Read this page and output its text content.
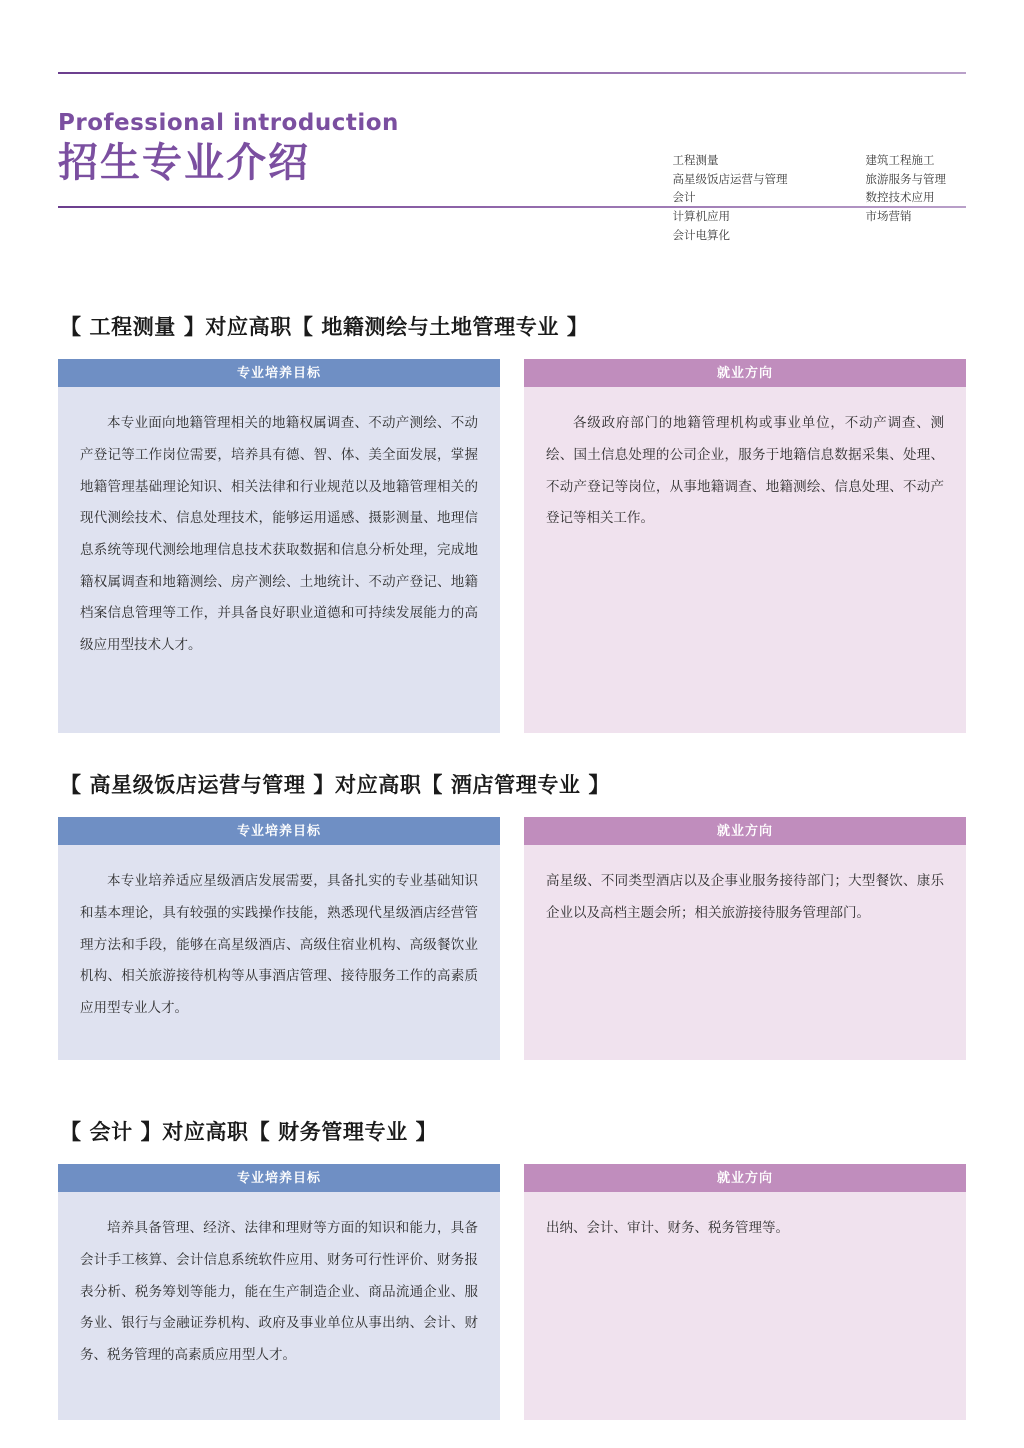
Professional introduction
招生专业介绍	工程测量
高星级饭店运营与管理
会计
计算机应用
会计电算化
建筑工程施工
旅游服务与管理
数控技术应用
市场营销
【 工程测量 】对应高职【 地籍测绘与土地管理专业 】
专业培养目标
本专业面向地籍管理相关的地籍权属调查、不动产测绘、不动产登记等工作岗位需要，培养具有德、智、体、美全面发展，掌握地籍管理基础理论知识、相关法律和行业规范以及地籍管理相关的现代测绘技术、信息处理技术，能够运用遥感、摄影测量、地理信息系统等现代测绘地理信息技术获取数据和信息分析处理，完成地籍权属调查和地籍测绘、房产测绘、土地统计、不动产登记、地籍档案信息管理等工作，并具备良好职业道德和可持续发展能力的高级应用型技术人才。
就业方向
各级政府部门的地籍管理机构或事业单位，不动产调查、测绘、国土信息处理的公司企业，服务于地籍信息数据采集、处理、不动产登记等岗位，从事地籍调查、地籍测绘、信息处理、不动产登记等相关工作。
【 高星级饭店运营与管理 】对应高职【 酒店管理专业 】
专业培养目标
本专业培养适应星级酒店发展需要，具备扎实的专业基础知识和基本理论，具有较强的实践操作技能，熟悉现代星级酒店经营管理方法和手段，能够在高星级酒店、高级住宿业机构、高级餐饮业机构、相关旅游接待机构等从事酒店管理、接待服务工作的高素质应用型专业人才。
就业方向
高星级、不同类型酒店以及企事业服务接待部门；大型餐饮、康乐企业以及高档主题会所；相关旅游接待服务管理部门。
【 会计 】对应高职【 财务管理专业 】
专业培养目标
培养具备管理、经济、法律和理财等方面的知识和能力，具备会计手工核算、会计信息系统软件应用、财务可行性评价、财务报表分析、税务筹划等能力，能在生产制造企业、商品流通企业、服务业、银行与金融证券机构、政府及事业单位从事出纳、会计、财务、税务管理的高素质应用型人才。
就业方向
出纳、会计、审计、财务、税务管理等。
